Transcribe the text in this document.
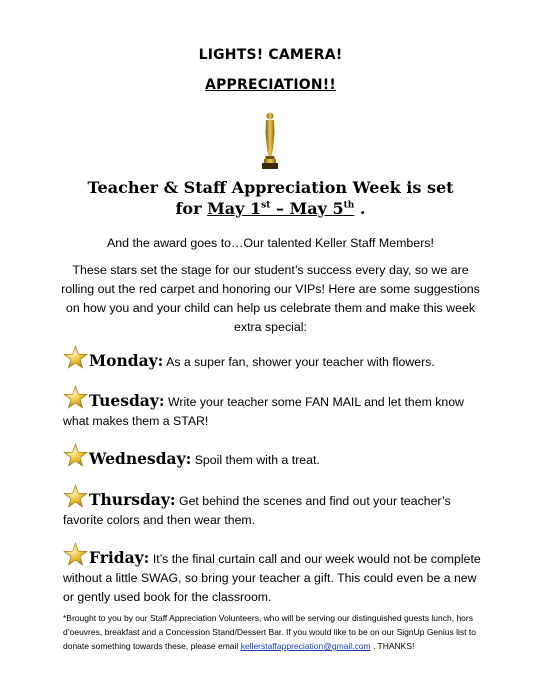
LIGHTS! CAMERA!
APPRECIATION!!
Teacher & Staff Appreciation Week is set
for May 1st – May 5th .
And the award goes to…Our talented Keller Staff Members!
These stars set the stage for our student’s success every day, so we are rolling out the red carpet and honoring our VIPs! Here are some suggestions on how you and your child can help us celebrate them and make this week extra special:
Monday: As a super fan, shower your teacher with flowers.
Tuesday: Write your teacher some FAN MAIL and let them know what makes them a STAR!
Wednesday: Spoil them with a treat.
Thursday: Get behind the scenes and find out your teacher’s favorite colors and then wear them.
Friday: It’s the final curtain call and our week would not be complete without a little SWAG, so bring your teacher a gift. This could even be a new or gently used book for the classroom.
*Brought to you by our Staff Appreciation Volunteers, who will be serving our distinguished guests lunch, hors d’oeuvres, breakfast and a Concession Stand/Dessert Bar. If you would like to be on our SignUp Genius list to donate something towards these, please email kellerstaffappreciation@gmail.com . THANKS!
